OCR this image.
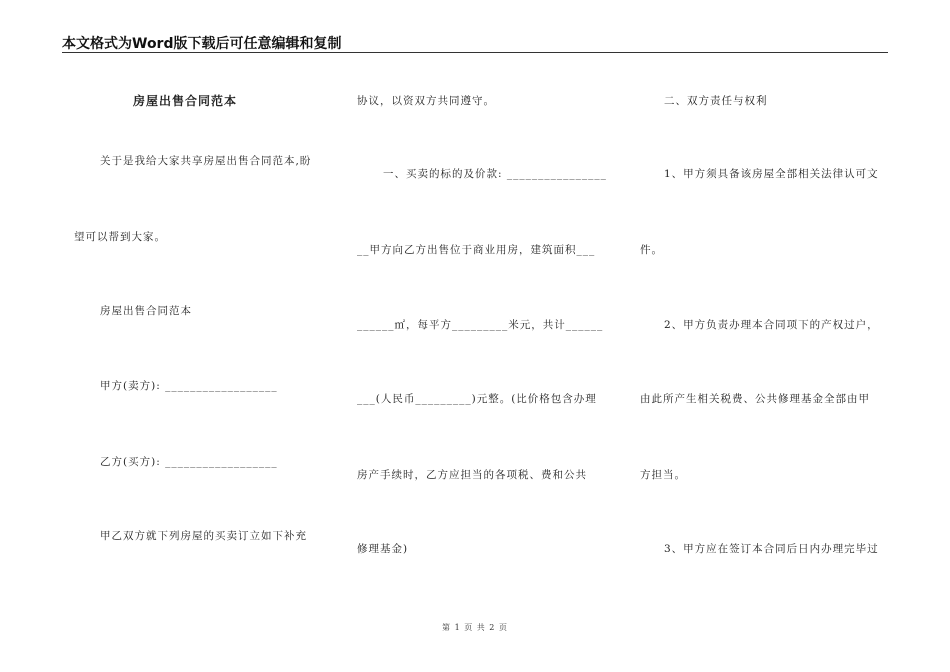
本文格式为Word版下载后可任意编辑和复制
房屋出售合同范本
关于是我给大家共享房屋出售合同范本,盼
望可以帮到大家。
房屋出售合同范本
甲方(卖方): __________________
乙方(买方): __________________
甲乙双方就下列房屋的买卖订立如下补充
协议，以资双方共同遵守。
一、买卖的标的及价款: ________________
__甲方向乙方出售位于商业用房，建筑面积___
______㎡，每平方_________米元，共计______
___(人民币_________)元整。(比价格包含办理
房产手续时，乙方应担当的各项税、费和公共
修理基金)
二、双方责任与权利
1、甲方须具备该房屋全部相关法律认可文
件。
2、甲方负责办理本合同项下的产权过户，
由此所产生相关税费、公共修理基金全部由甲
方担当。
3、甲方应在签订本合同后日内办理完毕过
第 1 页 共 2 页
